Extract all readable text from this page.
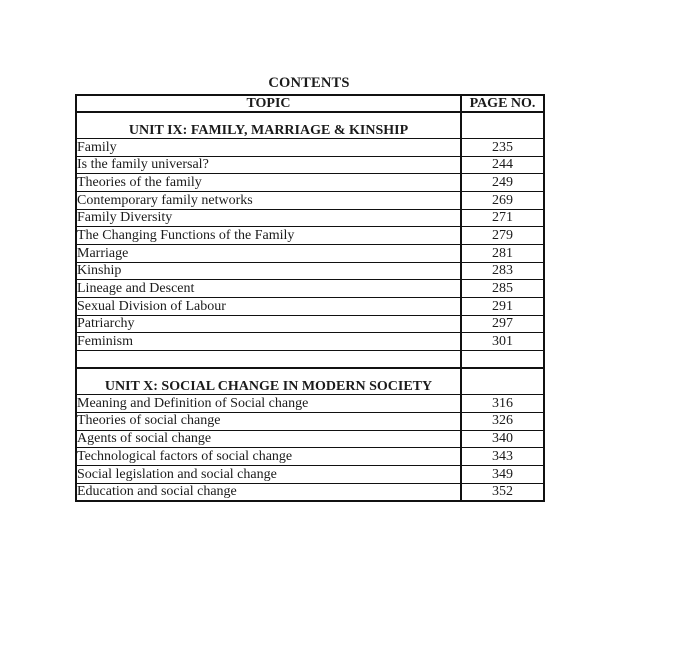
CONTENTS
TOPIC	PAGE NO.
UNIT IX: FAMILY, MARRIAGE & KINSHIP	
Family	235
Is the family universal?	244
Theories of the family	249
Contemporary family networks	269
Family Diversity	271
The Changing Functions of the Family	279
Marriage	281
Kinship	283
Lineage and Descent	285
Sexual Division of Labour	291
Patriarchy	297
Feminism	301

UNIT X: SOCIAL CHANGE IN MODERN SOCIETY	
Meaning and Definition of Social change	316
Theories of social change	326
Agents of social change	340
Technological factors of social change	343
Social legislation and social change	349
Education and social change	352
